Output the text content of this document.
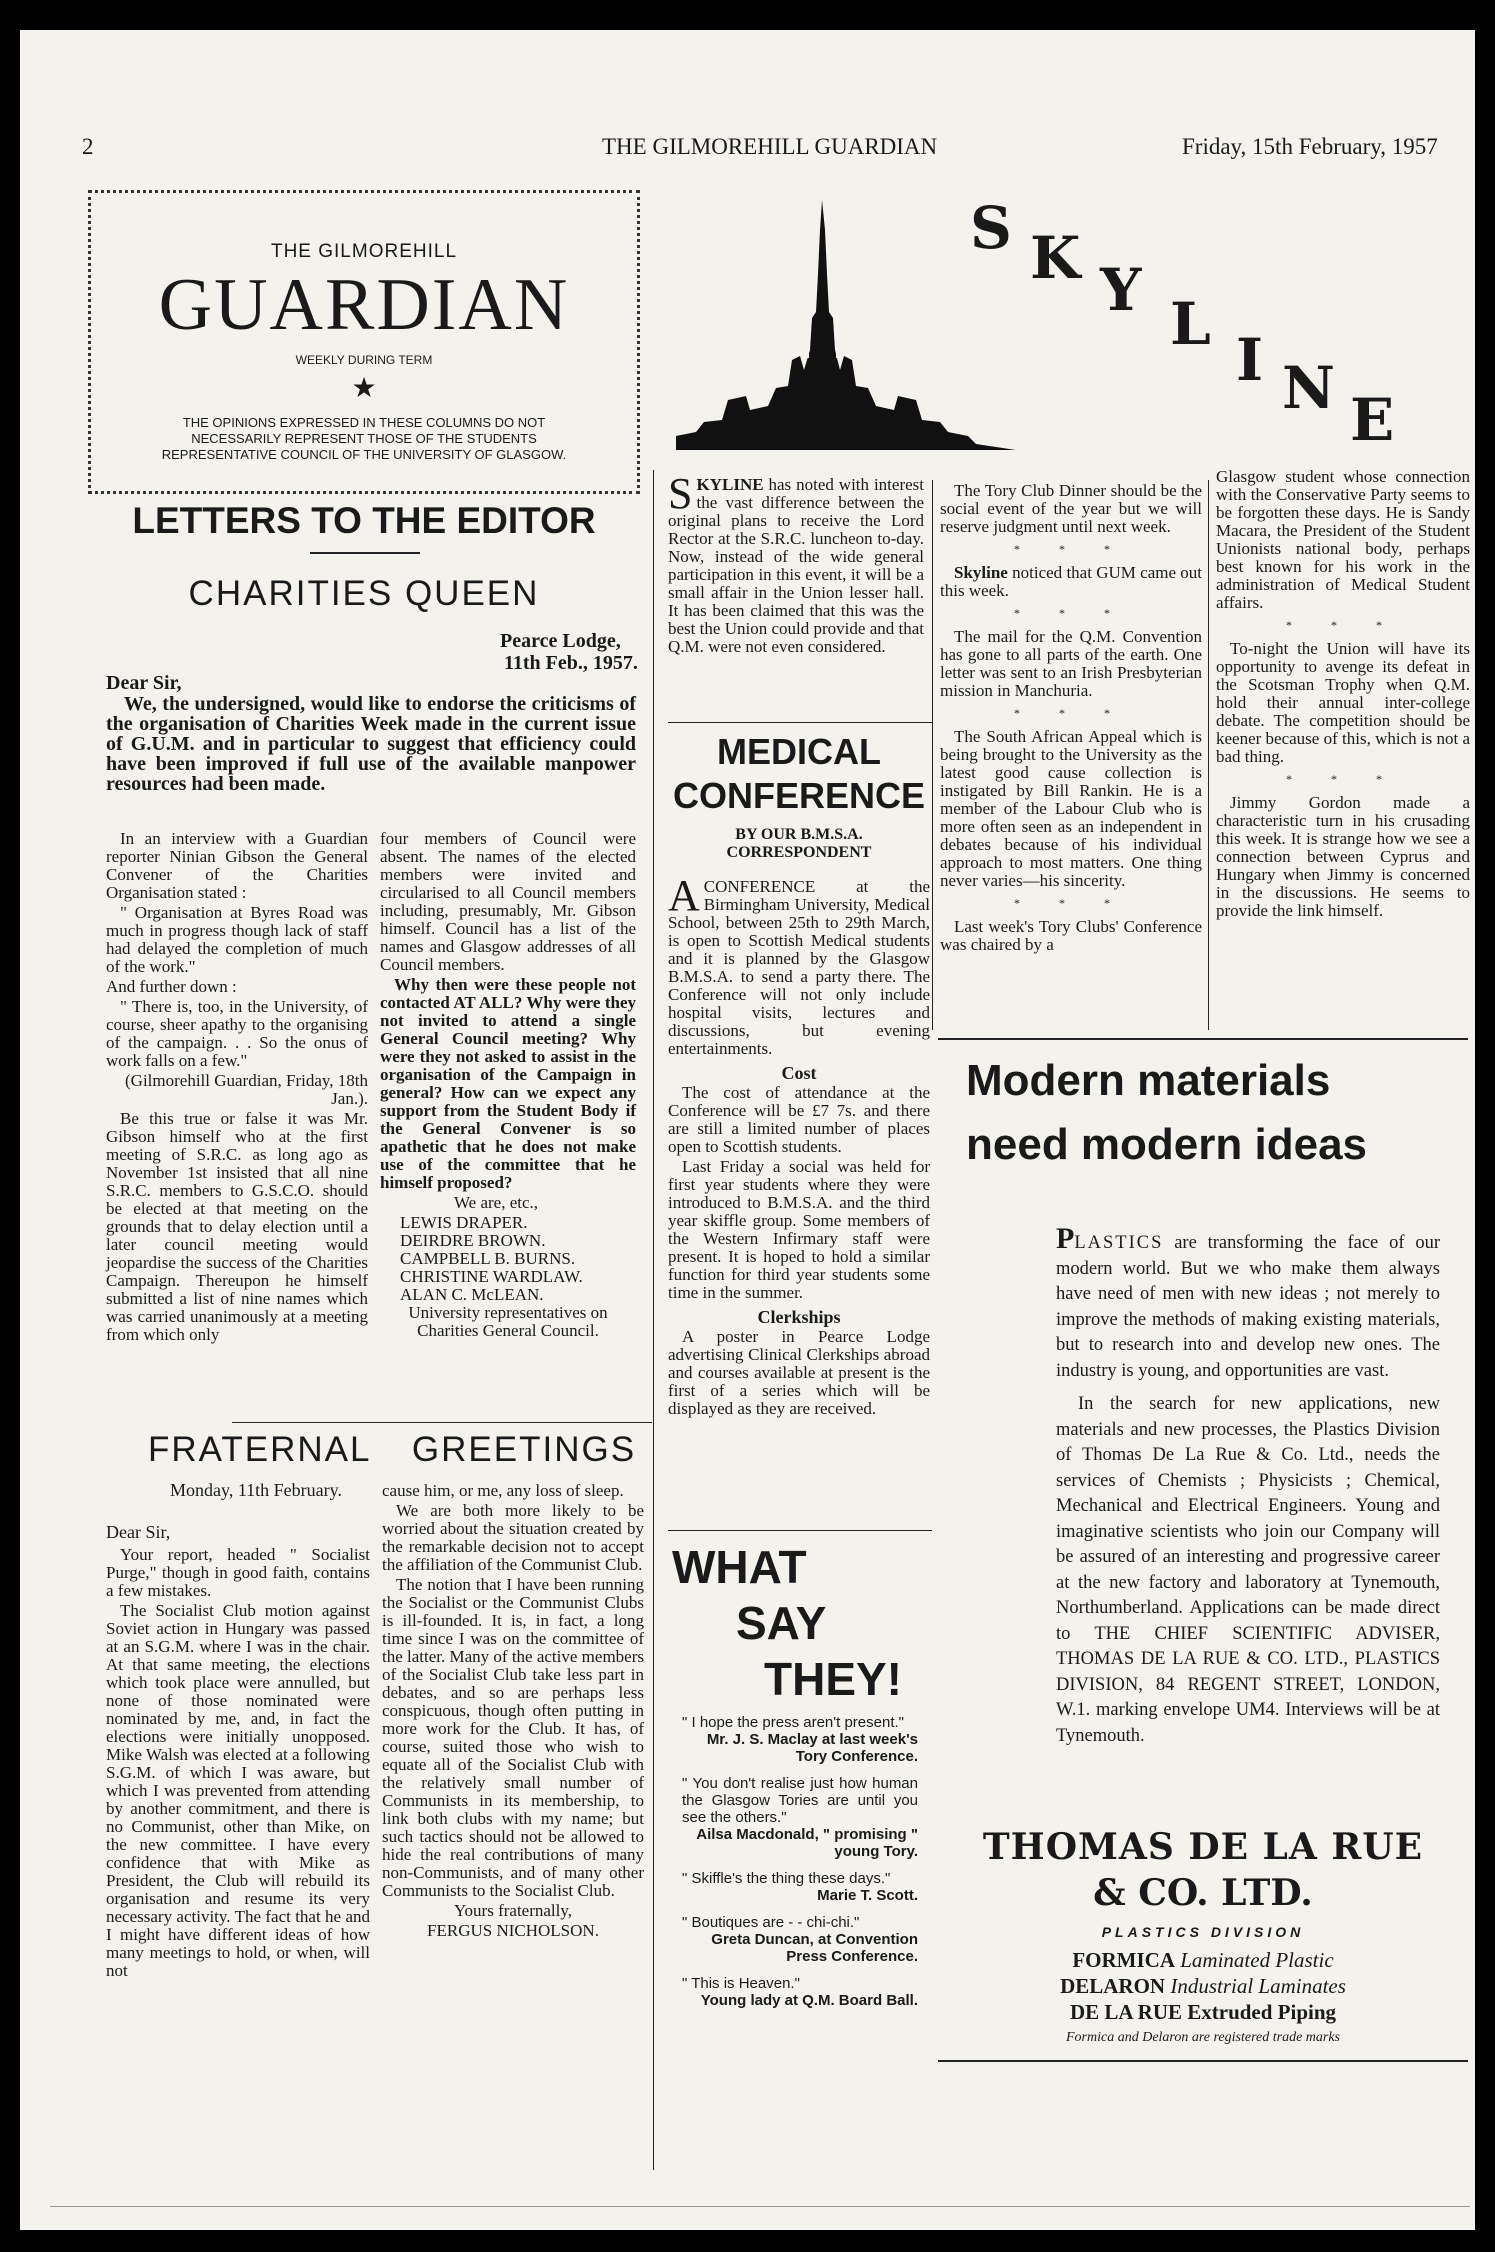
2	THE GILMOREHILL GUARDIAN	Friday, 15th February, 1957
THE GILMOREHILL
GUARDIAN
WEEKLY DURING TERM
★
THE OPINIONS EXPRESSED IN THESE COLUMNS DO NOT NECESSARILY REPRESENT THOSE OF THE STUDENTS REPRESENTATIVE COUNCIL OF THE UNIVERSITY OF GLASGOW.
LETTERS TO THE EDITOR
CHARITIES QUEEN
Pearce Lodge,
11th Feb., 1957.
Dear Sir,
We, the undersigned, would like to endorse the criticisms of the organisation of Charities Week made in the current issue of G.U.M. and in particular to suggest that efficiency could have been improved if full use of the available manpower resources had been made.

In an interview with a Guardian reporter Ninian Gibson the General Convener of the Charities Organisation stated :

" Organisation at Byres Road was much in progress though lack of staff had delayed the completion of much of the work."

And further down :

" There is, too, in the University, of course, sheer apathy to the organising of the campaign. . . So the onus of work falls on a few."

(Gilmorehill Guardian, Friday, 18th Jan.).

Be this true or false it was Mr. Gibson himself who at the first meeting of S.R.C. as long ago as November 1st insisted that all nine S.R.C. members to G.S.C.O. should be elected at that meeting on the grounds that to delay election until a later council meeting would jeopardise the success of the Charities Campaign. Thereupon he himself submitted a list of nine names which was carried unanimously at a meeting from which only

four members of Council were absent. The names of the elected members were invited and circularised to all Council members including, presumably, Mr. Gibson himself. Council has a list of the names and Glasgow addresses of all Council members.

Why then were these people not contacted AT ALL? Why were they not invited to attend a single General Council meeting? Why were they not asked to assist in the organisation of the Campaign in general? How can we expect any support from the Student Body if the General Convener is so apathetic that he does not make use of the committee that he himself proposed?

We are, etc.,

LEWIS DRAPER.
DEIRDRE BROWN.
CAMPBELL B. BURNS.
CHRISTINE WARDLAW.
ALAN C. McLEAN.

University representatives on Charities General Council.

FRATERNAL GREETINGS
Monday, 11th February.
Dear Sir,

Your report, headed " Socialist Purge," though in good faith, contains a few mistakes.

The Socialist Club motion against Soviet action in Hungary was passed at an S.G.M. where I was in the chair. At that same meeting, the elections which took place were annulled, but none of those nominated were nominated by me, and, in fact the elections were initially unopposed. Mike Walsh was elected at a following S.G.M. of which I was aware, but which I was prevented from attending by another commitment, and there is no Communist, other than Mike, on the new committee. I have every confidence that with Mike as President, the Club will rebuild its organisation and resume its very necessary activity. The fact that he and I might have different ideas of how many meetings to hold, or when, will not

cause him, or me, any loss of sleep.

We are both more likely to be worried about the situation created by the remarkable decision not to accept the affiliation of the Communist Club.

The notion that I have been running the Socialist or the Communist Clubs is ill-founded. It is, in fact, a long time since I was on the committee of the latter. Many of the active members of the Socialist Club take less part in debates, and so are perhaps less conspicuous, though often putting in more work for the Club. It has, of course, suited those who wish to equate all of the Socialist Club with the relatively small number of Communists in its membership, to link both clubs with my name; but such tactics should not be allowed to hide the real contributions of many non-Communists, and of many other Communists to the Socialist Club.

Yours fraternally,

FERGUS NICHOLSON.

S K Y L
I N E

SKYLINE has noted with interest the vast difference between the original plans to receive the Lord Rector at the S.R.C. luncheon to-day. Now, instead of the wide general participation in this event, it will be a small affair in the Union lesser hall. It has been claimed that this was the best the Union could provide and that Q.M. were not even considered.

The Tory Club Dinner should be the social event of the year but we will reserve judgment until next week.

* * *

Skyline noticed that GUM came out this week.

* * *

The mail for the Q.M. Convention has gone to all parts of the earth. One letter was sent to an Irish Presbyterian mission in Manchuria.

* * *

The South African Appeal which is being brought to the University as the latest good cause collection is instigated by Bill Rankin. He is a member of the Labour Club who is more often seen as an independent in debates because of his individual approach to most matters. One thing never varies—his sincerity.

* * *

Last week's Tory Clubs' Conference was chaired by a

Glasgow student whose connection with the Conservative Party seems to be forgotten these days. He is Sandy Macara, the President of the Student Unionists national body, perhaps best known for his work in the administration of Medical Student affairs.

* * *

To-night the Union will have its opportunity to avenge its defeat in the Scotsman Trophy when Q.M. hold their annual inter-college debate. The competition should be keener because of this, which is not a bad thing.

* * *

Jimmy Gordon made a characteristic turn in his crusading this week. It is strange how we see a connection between Cyprus and Hungary when Jimmy is concerned in the discussions. He seems to provide the link himself.

MEDICAL
CONFERENCE
BY OUR B.M.S.A.
CORRESPONDENT

ACONFERENCE at the Birmingham University, Medical School, between 25th to 29th March, is open to Scottish Medical students and it is planned by the Glasgow B.M.S.A. to send a party there. The Conference will not only include hospital visits, lectures and discussions, but evening entertainments.

Cost

The cost of attendance at the Conference will be £7 7s. and there are still a limited number of places open to Scottish students.

Last Friday a social was held for first year students where they were introduced to B.M.S.A. and the third year skiffle group. Some members of the Western Infirmary staff were present. It is hoped to hold a similar function for third year students some time in the summer.

Clerkships

A poster in Pearce Lodge advertising Clinical Clerkships abroad and courses available at present is the first of a series which will be displayed as they are received.

WHAT
SAY
THEY!
" I hope the press aren't present."
Mr. J. S. Maclay at last week's Tory Conference.
" You don't realise just how human the Glasgow Tories are until you see the others."
Ailsa Macdonald, " promising " young Tory.
" Skiffle's the thing these days."
Marie T. Scott.
" Boutiques are - - chi-chi."
Greta Duncan, at Convention Press Conference.
" This is Heaven."
Young lady at Q.M. Board Ball.
Modern materials
need modern ideas
PLASTICS are transforming the face of our modern world. But we who make them always have need of men with new ideas ; not merely to improve the methods of making existing materials, but to research into and develop new ones. The industry is young, and opportunities are vast.
In the search for new applications, new materials and new processes, the Plastics Division of Thomas De La Rue & Co. Ltd., needs the services of Chemists ; Physicists ; Chemical, Mechanical and Electrical Engineers. Young and imaginative scientists who join our Company will be assured of an interesting and progressive career at the new factory and laboratory at Tynemouth, Northumberland. Applications can be made direct to THE CHIEF SCIENTIFIC ADVISER, THOMAS DE LA RUE & CO. LTD., PLASTICS DIVISION, 84 REGENT STREET, LONDON, W.1. marking envelope UM4. Interviews will be at Tynemouth.
THOMAS DE LA RUE
& CO. LTD.
PLASTICS DIVISION
FORMICA Laminated Plastic
DELARON Industrial Laminates
DE LA RUE Extruded Piping
Formica and Delaron are registered trade marks
